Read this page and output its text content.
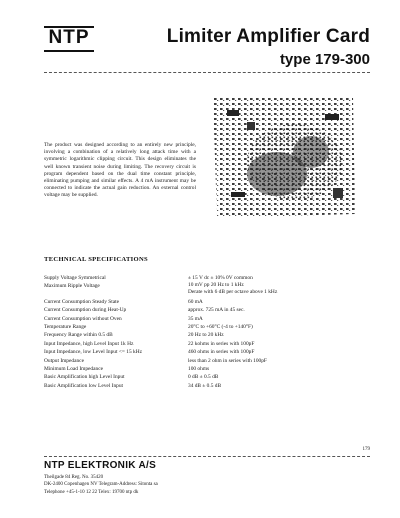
NTP	Limiter Amplifier Card
type 179-300
The product was designed according to an entirely new principle, involving a combination of a relatively long attack time with a symmetric logarithmic clipping circuit. This design eliminates the well known transient noise during limiting. The recovery circuit is program dependent based on the dual time constant principle, eliminating pumping and similar effects. A 4 mA instrument may be connected to indicate the actual gain reduction. An external control voltage may be supplied.
TECHNICAL SPECIFICATIONS
Supply Voltage Symmetrical	± 15 V dc ± 10% 0V common
Maximum Ripple Voltage	10 mV pp 20 Hz to 1 kHz
Derate with 6 dB per octave above 1 kHz
Current Consumption Steady State	60 mA
Current Consumption during Heat-Up	approx. 725 mA in 45 sec.
Current Consumption without Oven	35 mA
Temperature Range	20°C to +60°C (-4 to +140°F)
Frequency Range within 0.5 dB	20 Hz to 20 kHz
Input Impedance, high Level Input 1k Hz	22 kohms in series with 100pF
Input Impedance, low Level Input <= 15 kHz	460 ohms in series with 100pF
Output Impedance	less than 2 ohm in series with 100pF
Minimum Load Impedance	100 ohms
Basic Amplification high Level Input	0 dB ± 0.5 dB
Basic Amplification low Level Input	34 dB ± 0.5 dB
179
NTP ELEKTRONIK A/S
Theilgade 84 Reg. No. 35420
DK-2400 Copenhagen NV Telegram-Address: Sitonta sa
Telephone +45-1-10 12 22 Telex: 19700 ntp dk
